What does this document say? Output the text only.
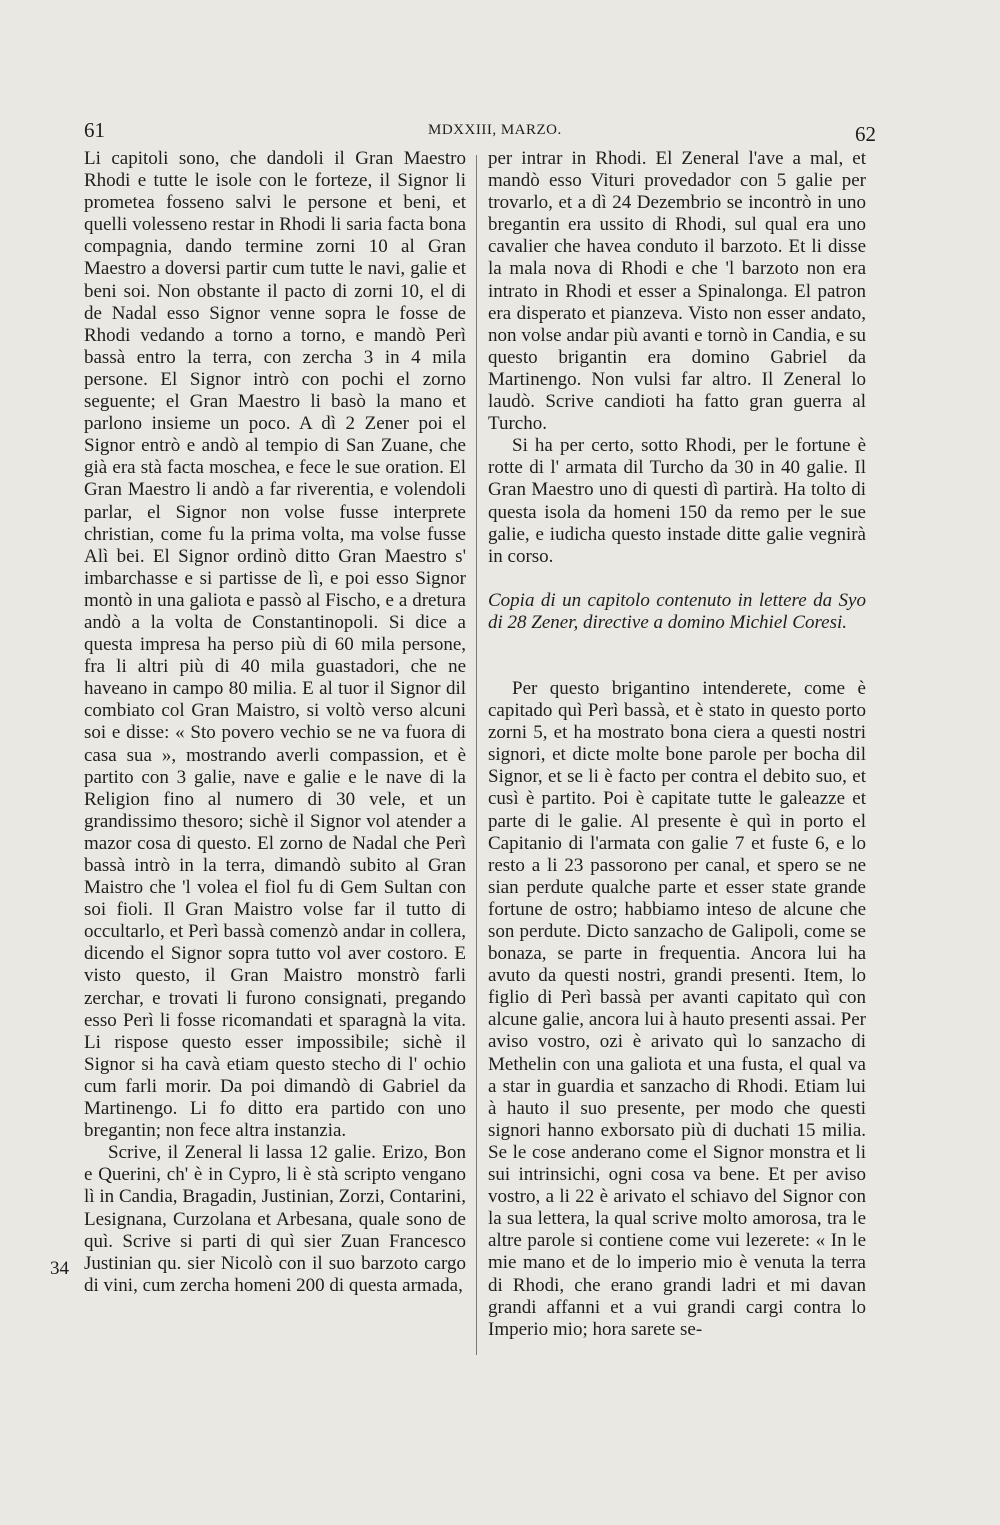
61	MDXXIII, MARZO.	62

Li capitoli sono, che dandoli il Gran Maestro Rhodi e tutte le isole con le forteze, il Signor li prometea fosseno salvi le persone et beni, et quelli volesseno restar in Rhodi li saria facta bona compagnia, dando termine zorni 10 al Gran Maestro a doversi partir cum tutte le navi, galie et beni soi. Non obstante il pacto di zorni 10, el di de Nadal esso Signor venne sopra le fosse de Rhodi vedando a torno a torno, e mandò Perì bassà entro la terra, con zercha 3 in 4 mila persone. El Signor intrò con pochi el zorno seguente; el Gran Maestro li basò la mano et parlono insieme un poco. A dì 2 Zener poi el Signor entrò e andò al tempio di San Zuane, che già era stà facta moschea, e fece le sue oration. El Gran Maestro li andò a far riverentia, e volendoli parlar, el Signor non volse fusse interprete christian, come fu la prima volta, ma volse fusse Alì bei. El Signor ordinò ditto Gran Maestro s' imbarchasse e si partisse de lì, e poi esso Signor montò in una galiota e passò al Fischo, e a dretura andò a la volta de Constantinopoli. Si dice a questa impresa ha perso più di 60 mila persone, fra li altri più di 40 mila guastadori, che ne haveano in campo 80 milia. E al tuor il Signor dil combiato col Gran Maistro, si voltò verso alcuni soi e disse: « Sto povero vechio se ne va fuora di casa sua », mostrando averli compassion, et è partito con 3 galie, nave e galie e le nave di la Religion fino al numero di 30 vele, et un grandissimo thesoro; sichè il Signor vol atender a mazor cosa di questo. El zorno de Nadal che Perì bassà intrò in la terra, dimandò subito al Gran Maistro che 'l volea el fiol fu di Gem Sultan con soi fioli. Il Gran Maistro volse far il tutto di occultarlo, et Perì bassà comenzò andar in collera, dicendo el Signor sopra tutto vol aver costoro. E visto questo, il Gran Maistro monstrò farli zerchar, e trovati li furono consignati, pregando esso Perì li fosse ricomandati et sparagnà la vita. Li rispose questo esser impossibile; sichè il Signor si ha cavà etiam questo stecho di l' ochio cum farli morir. Da poi dimandò di Gabriel da Martinengo. Li fo ditto era partido con uno bregantin; non fece altra instanzia.

Scrive, il Zeneral li lassa 12 galie. Erizo, Bon e Querini, ch' è in Cypro, li è stà scripto vengano lì in Candia, Bragadin, Justinian, Zorzi, Contarini, Lesignana, Curzolana et Arbesana, quale sono de quì. Scrive si parti di quì sier Zuan Francesco Justinian qu. sier Nicolò con il suo barzoto cargo di vini, cum zercha homeni 200 di questa armada,

per intrar in Rhodi. El Zeneral l'ave a mal, et mandò esso Vituri provedador con 5 galie per trovarlo, et a dì 24 Dezembrio se incontrò in uno bregantin era ussito di Rhodi, sul qual era uno cavalier che havea conduto il barzoto. Et li disse la mala nova di Rhodi e che 'l barzoto non era intrato in Rhodi et esser a Spinalonga. El patron era disperato et pianzeva. Visto non esser andato, non volse andar più avanti e tornò in Candia, e su questo brigantin era domino Gabriel da Martinengo. Non vulsi far altro. Il Zeneral lo laudò. Scrive candioti ha fatto gran guerra al Turcho.

Si ha per certo, sotto Rhodi, per le fortune è rotte di l' armata dil Turcho da 30 in 40 galie. Il Gran Maestro uno di questi dì partirà. Ha tolto di questa isola da homeni 150 da remo per le sue galie, e iudicha questo instade ditte galie vegnirà in corso.

Copia di un capitolo contenuto in lettere da Syo di 28 Zener, directive a domino Michiel Coresi.

Per questo brigantino intenderete, come è capitado quì Perì bassà, et è stato in questo porto zorni 5, et ha mostrato bona ciera a questi nostri signori, et dicte molte bone parole per bocha dil Signor, et se li è facto per contra el debito suo, et cusì è partito. Poi è capitate tutte le galeazze et parte di le galie. Al presente è quì in porto el Capitanio di l'armata con galie 7 et fuste 6, e lo resto a li 23 passorono per canal, et spero se ne sian perdute qualche parte et esser state grande fortune de ostro; habbiamo inteso de alcune che son perdute. Dicto sanzacho de Galipoli, come se bonaza, se parte in frequentia. Ancora lui ha avuto da questi nostri, grandi presenti. Item, lo figlio di Perì bassà per avanti capitato quì con alcune galie, ancora lui à hauto presenti assai. Per aviso vostro, ozi è arivato quì lo sanzacho di Methelin con una galiota et una fusta, el qual va a star in guardia et sanzacho di Rhodi. Etiam lui à hauto il suo presente, per modo che questi signori hanno exborsato più di duchati 15 milia. Se le cose anderano come el Signor monstra et li sui intrinsichi, ogni cosa va bene. Et per aviso vostro, a li 22 è arivato el schiavo del Signor con la sua lettera, la qual scrive molto amorosa, tra le altre parole si contiene come vui lezerete: « In le mie mano et de lo imperio mio è venuta la terra di Rhodi, che erano grandi ladri et mi davan grandi affanni et a vui grandi cargi contra lo Imperio mio; hora sarete se-

34
